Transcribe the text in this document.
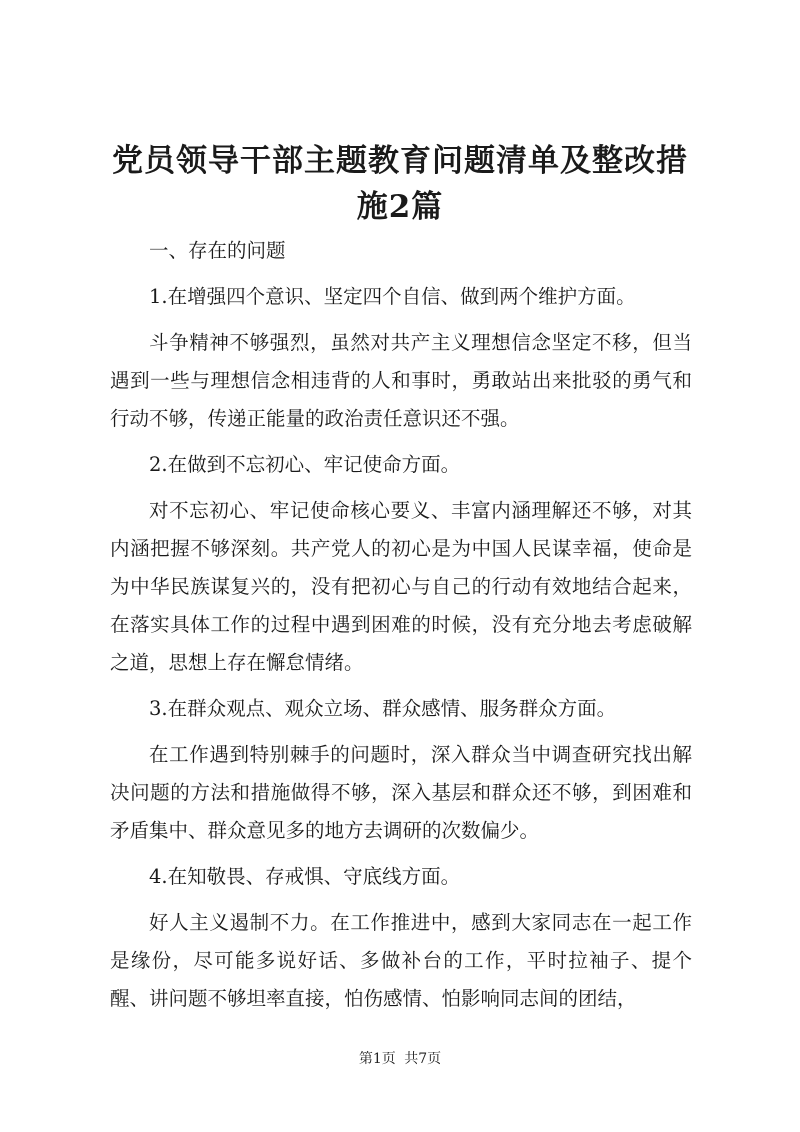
党员领导干部主题教育问题清单及整改措施2篇

一、存在的问题

1.在增强四个意识、坚定四个自信、做到两个维护方面。

斗争精神不够强烈，虽然对共产主义理想信念坚定不移，但当遇到一些与理想信念相违背的人和事时，勇敢站出来批驳的勇气和行动不够，传递正能量的政治责任意识还不强。

2.在做到不忘初心、牢记使命方面。

对不忘初心、牢记使命核心要义、丰富内涵理解还不够，对其内涵把握不够深刻。共产党人的初心是为中国人民谋幸福，使命是为中华民族谋复兴的，没有把初心与自己的行动有效地结合起来，在落实具体工作的过程中遇到困难的时候，没有充分地去考虑破解之道，思想上存在懈怠情绪。

3.在群众观点、观众立场、群众感情、服务群众方面。

在工作遇到特别棘手的问题时，深入群众当中调查研究找出解决问题的方法和措施做得不够，深入基层和群众还不够，到困难和矛盾集中、群众意见多的地方去调研的次数偏少。

4.在知敬畏、存戒惧、守底线方面。

好人主义遏制不力。在工作推进中，感到大家同志在一起工作是缘份，尽可能多说好话、多做补台的工作，平时拉袖子、提个醒、讲问题不够坦率直接，怕伤感情、怕影响同志间的团结，

第1页 共7页
